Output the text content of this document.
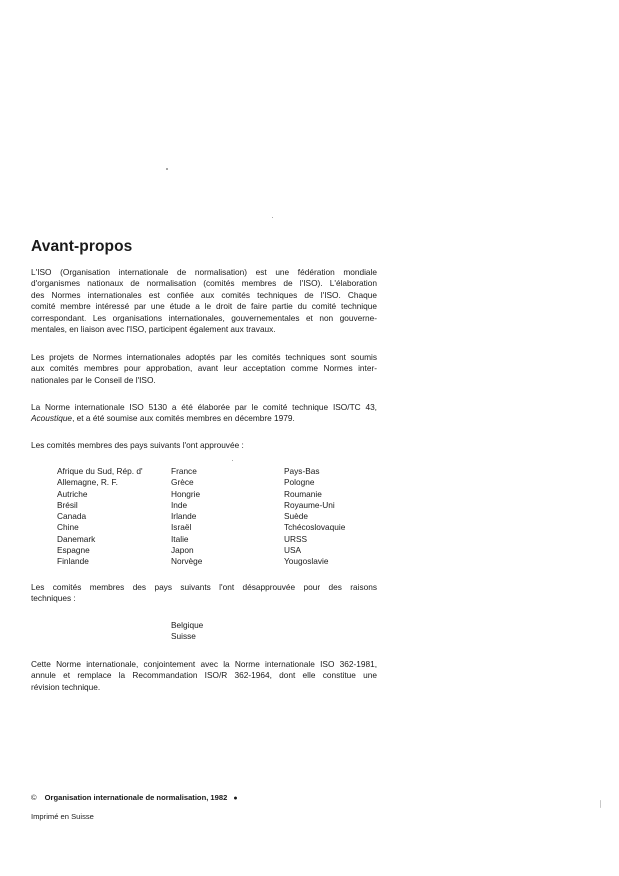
Avant-propos

L'ISO (Organisation internationale de normalisation) est une fédération mondiale
d'organismes nationaux de normalisation (comités membres de l'ISO). L'élaboration
des Normes internationales est confiée aux comités techniques de l'ISO. Chaque
comité membre intéressé par une étude a le droit de faire partie du comité technique
correspondant. Les organisations internationales, gouvernementales et non gouverne-
mentales, en liaison avec l'ISO, participent également aux travaux.

Les projets de Normes internationales adoptés par les comités techniques sont soumis
aux comités membres pour approbation, avant leur acceptation comme Normes inter-
nationales par le Conseil de l'ISO.

La Norme internationale ISO 5130 a été élaborée par le comité technique ISO/TC 43,
Acoustique, et a été soumise aux comités membres en décembre 1979.

Les comités membres des pays suivants l'ont approuvée :

Afrique du Sud, Rép. d'
Allemagne, R. F.
Autriche
Brésil
Canada
Chine
Danemark
Espagne
Finlande
France
Grèce
Hongrie
Inde
Irlande
Israël
Italie
Japon
Norvège
Pays-Bas
Pologne
Roumanie
Royaume-Uni
Suède
Tchécoslovaquie
URSS
USA
Yougoslavie

Les comités membres des pays suivants l'ont désapprouvée pour des raisons
techniques :

Belgique
Suisse

Cette Norme internationale, conjointement avec la Norme internationale ISO 362-1981,
annule et remplace la Recommandation ISO/R 362-1964, dont elle constitue une
révision technique.

© Organisation internationale de normalisation, 1982 ●
Imprimé en Suisse
